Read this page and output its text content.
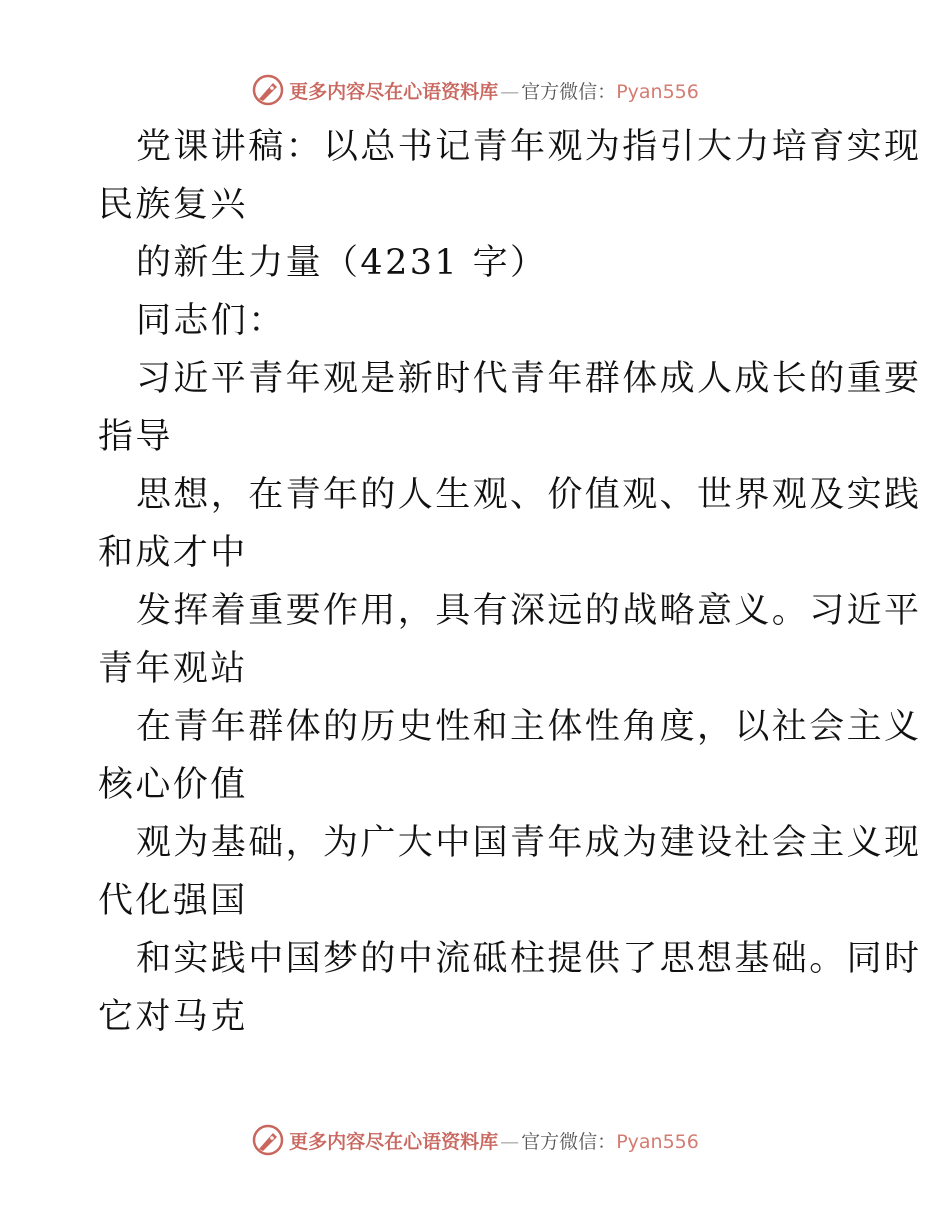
更多内容尽在心语资料库 — 官方微信：Pyan556
党课讲稿：以总书记青年观为指引大力培育实现
民族复兴
的新生力量（4231 字）
同志们：
习近平青年观是新时代青年群体成人成长的重要
指导
思想，在青年的人生观、价值观、世界观及实践
和成才中
发挥着重要作用，具有深远的战略意义。习近平
青年观站
在青年群体的历史性和主体性角度，以社会主义
核心价值
观为基础，为广大中国青年成为建设社会主义现
代化强国
和实践中国梦的中流砥柱提供了思想基础。同时
它对马克
更多内容尽在心语资料库 — 官方微信：Pyan556
